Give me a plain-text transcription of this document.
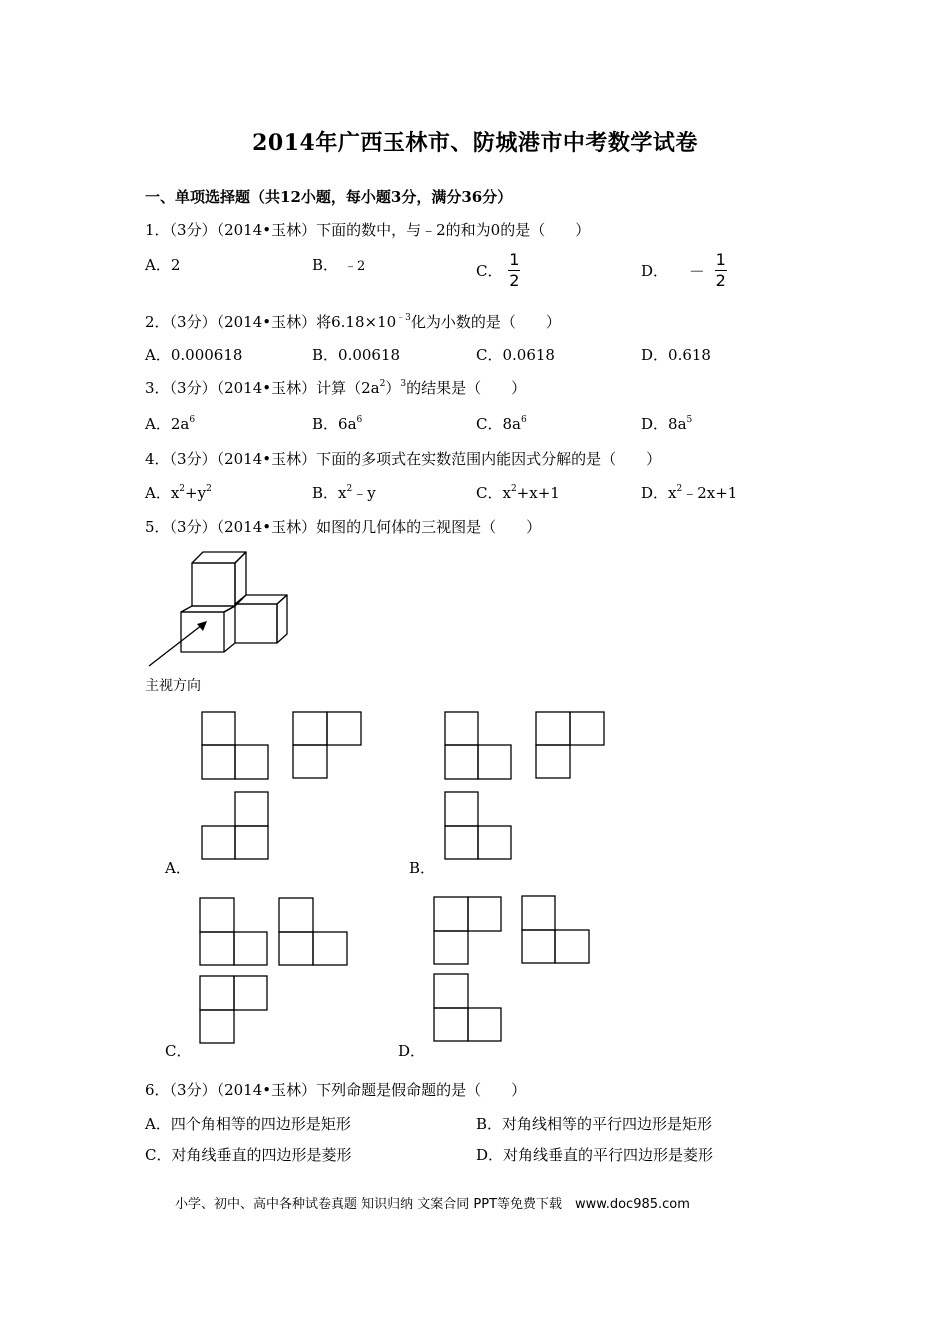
2014年广西玉林市、防城港市中考数学试卷
一、单项选择题（共12小题，每小题3分，满分36分）
1．（3分）（2014•玉林）下面的数中，与﹣2的和为0的是（　　）
A．2	B． ﹣2	C． $\frac{1}{2}$	D． － $\frac{1}{2}$
2．（3分）（2014•玉林）将$6.18\times 10^{﹣3}$化为小数的是（　　）
A．0.000618	B．0.00618	C．0.0618	D．0.618
3．（3分）（2014•玉林）计算$(2a^2)^3$的结果是（　　）
A．$2a^6$	B．$6a^6$	C．$8a^6$	D．$8a^5$
4．（3分）（2014•玉林）下面的多项式在实数范围内能因式分解的是（　　）
A．$x^2+y^2$	B．$x^2﹣y$	C．$x^2+x+1$	D．$x^2﹣2x+1$
5．（3分）（2014•玉林）如图的几何体的三视图是（　　）
主视方向
A．	B．
C．	D．
6．（3分）（2014•玉林）下列命题是假命题的是（　　）
A．四个角相等的四边形是矩形	B．对角线相等的平行四边形是矩形
C．对角线垂直的四边形是菱形	D．对角线垂直的平行四边形是菱形
小学、初中、高中各种试卷真题 知识归纳 文案合同 PPT等免费下载　www.doc985.com
